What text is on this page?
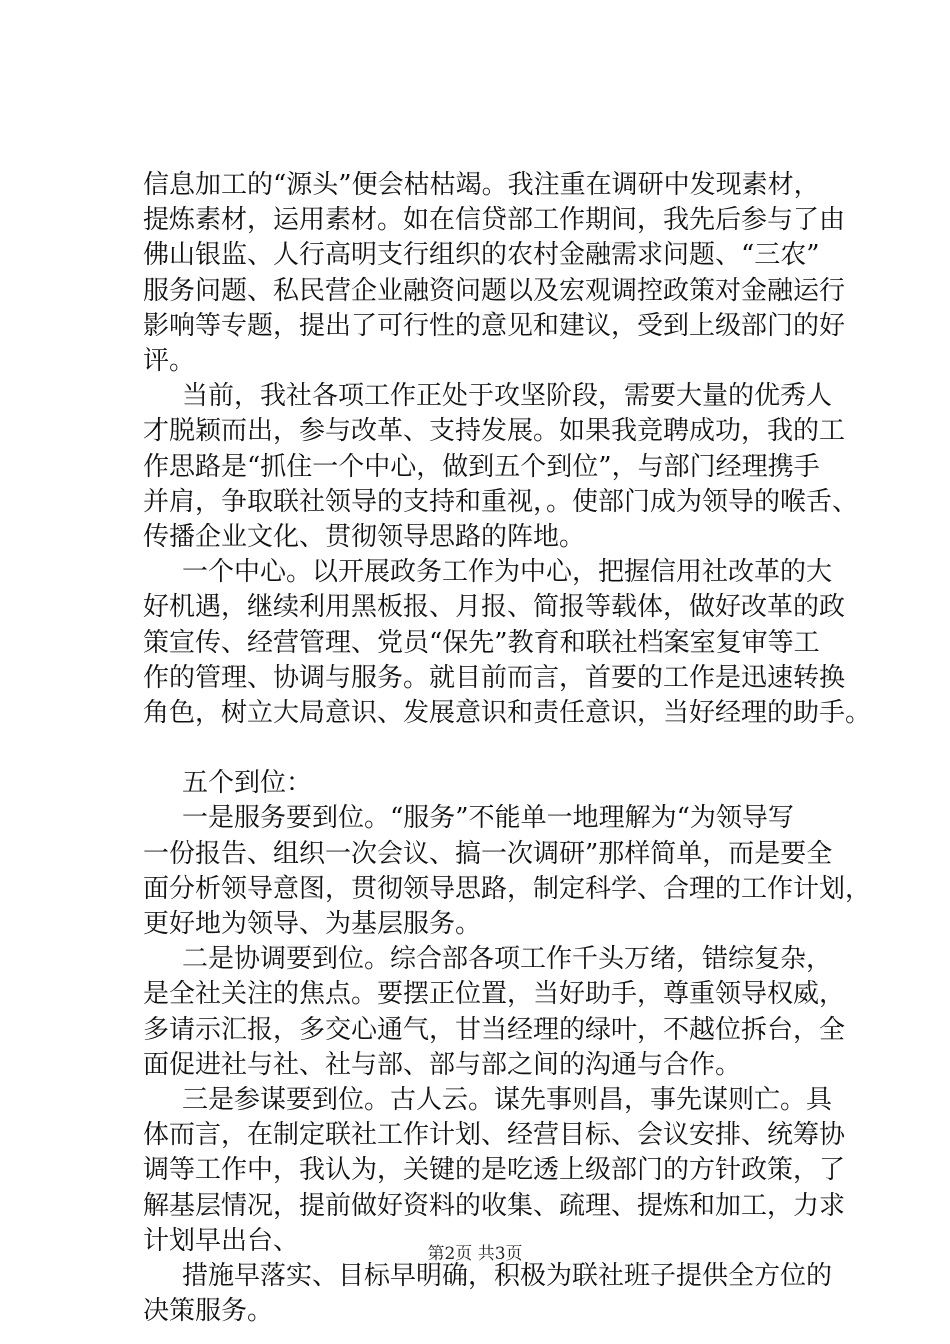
信息加工的“源头”便会枯枯竭。我注重在调研中发现素材，

提炼素材，运用素材。如在信贷部工作期间，我先后参与了由

佛山银监、人行高明支行组织的农村金融需求问题、“三农”

服务问题、私民营企业融资问题以及宏观调控政策对金融运行

影响等专题，提出了可行性的意见和建议，受到上级部门的好

评。

当前，我社各项工作正处于攻坚阶段，需要大量的优秀人

才脱颖而出，参与改革、支持发展。如果我竞聘成功，我的工

作思路是“抓住一个中心，做到五个到位”，与部门经理携手

并肩，争取联社领导的支持和重视，。使部门成为领导的喉舌、

传播企业文化、贯彻领导思路的阵地。

一个中心。以开展政务工作为中心，把握信用社改革的大

好机遇，继续利用黑板报、月报、简报等载体，做好改革的政

策宣传、经营管理、党员“保先”教育和联社档案室复审等工

作的管理、协调与服务。就目前而言，首要的工作是迅速转换

角色，树立大局意识、发展意识和责任意识，当好经理的助手。

五个到位：

一是服务要到位。“服务”不能单一地理解为“为领导写

一份报告、组织一次会议、搞一次调研”那样简单，而是要全

面分析领导意图，贯彻领导思路，制定科学、合理的工作计划，

更好地为领导、为基层服务。

二是协调要到位。综合部各项工作千头万绪，错综复杂，

是全社关注的焦点。要摆正位置，当好助手，尊重领导权威，

多请示汇报，多交心通气，甘当经理的绿叶，不越位拆台，全

面促进社与社、社与部、部与部之间的沟通与合作。

三是参谋要到位。古人云。谋先事则昌，事先谋则亡。具

体而言，在制定联社工作计划、经营目标、会议安排、统筹协

调等工作中，我认为，关键的是吃透上级部门的方针政策，了

解基层情况，提前做好资料的收集、疏理、提炼和加工，力求

计划早出台、

措施早落实、目标早明确，积极为联社班子提供全方位的

决策服务。

第2页 共3页
